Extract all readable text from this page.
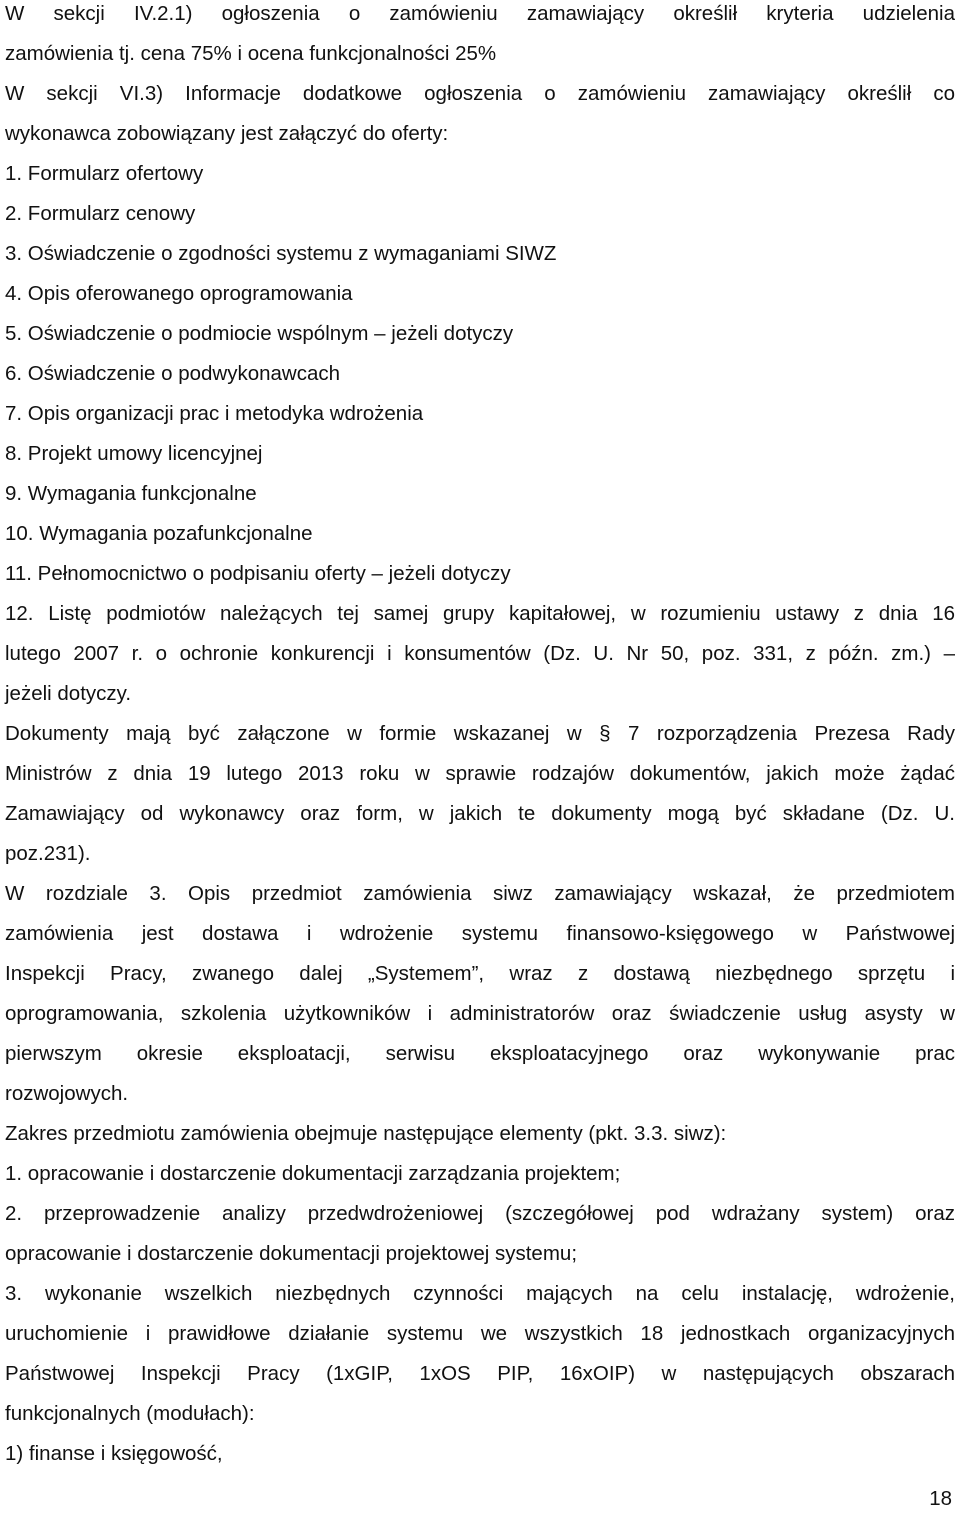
W sekcji IV.2.1) ogłoszenia o zamówieniu zamawiający określił kryteria udzielenia
zamówienia tj. cena 75% i ocena funkcjonalności 25%
W sekcji VI.3) Informacje dodatkowe ogłoszenia o zamówieniu zamawiający określił co
wykonawca zobowiązany jest załączyć do oferty:
1. Formularz ofertowy
2. Formularz cenowy
3. Oświadczenie o zgodności systemu z wymaganiami SIWZ
4. Opis oferowanego oprogramowania
5. Oświadczenie o podmiocie wspólnym – jeżeli dotyczy
6. Oświadczenie o podwykonawcach
7. Opis organizacji prac i metodyka wdrożenia
8. Projekt umowy licencyjnej
9. Wymagania funkcjonalne
10. Wymagania pozafunkcjonalne
11. Pełnomocnictwo o podpisaniu oferty – jeżeli dotyczy
12. Listę podmiotów należących tej samej grupy kapitałowej, w rozumieniu ustawy z dnia 16
lutego 2007 r. o ochronie konkurencji i konsumentów (Dz. U. Nr 50, poz. 331, z późn. zm.) –
jeżeli dotyczy.
Dokumenty mają być załączone w formie wskazanej w § 7 rozporządzenia Prezesa Rady
Ministrów z dnia 19 lutego 2013 roku w sprawie rodzajów dokumentów, jakich może żądać
Zamawiający od wykonawcy oraz form, w jakich te dokumenty mogą być składane (Dz. U.
poz.231).
W rozdziale 3. Opis przedmiot zamówienia siwz zamawiający wskazał, że przedmiotem
zamówienia jest dostawa i wdrożenie systemu finansowo-księgowego w Państwowej
Inspekcji Pracy, zwanego dalej „Systemem”, wraz z dostawą niezbędnego sprzętu i
oprogramowania, szkolenia użytkowników i administratorów oraz świadczenie usług asysty w
pierwszym okresie eksploatacji, serwisu eksploatacyjnego oraz wykonywanie prac
rozwojowych.
Zakres przedmiotu zamówienia obejmuje następujące elementy (pkt. 3.3. siwz):
1. opracowanie i dostarczenie dokumentacji zarządzania projektem;
2. przeprowadzenie analizy przedwdrożeniowej (szczegółowej pod wdrażany system) oraz
opracowanie i dostarczenie dokumentacji projektowej systemu;
3. wykonanie wszelkich niezbędnych czynności mających na celu instalację, wdrożenie,
uruchomienie i prawidłowe działanie systemu we wszystkich 18 jednostkach organizacyjnych
Państwowej Inspekcji Pracy (1xGIP, 1xOS PIP, 16xOIP) w następujących obszarach
funkcjonalnych (modułach):
1) finanse i księgowość,
18
